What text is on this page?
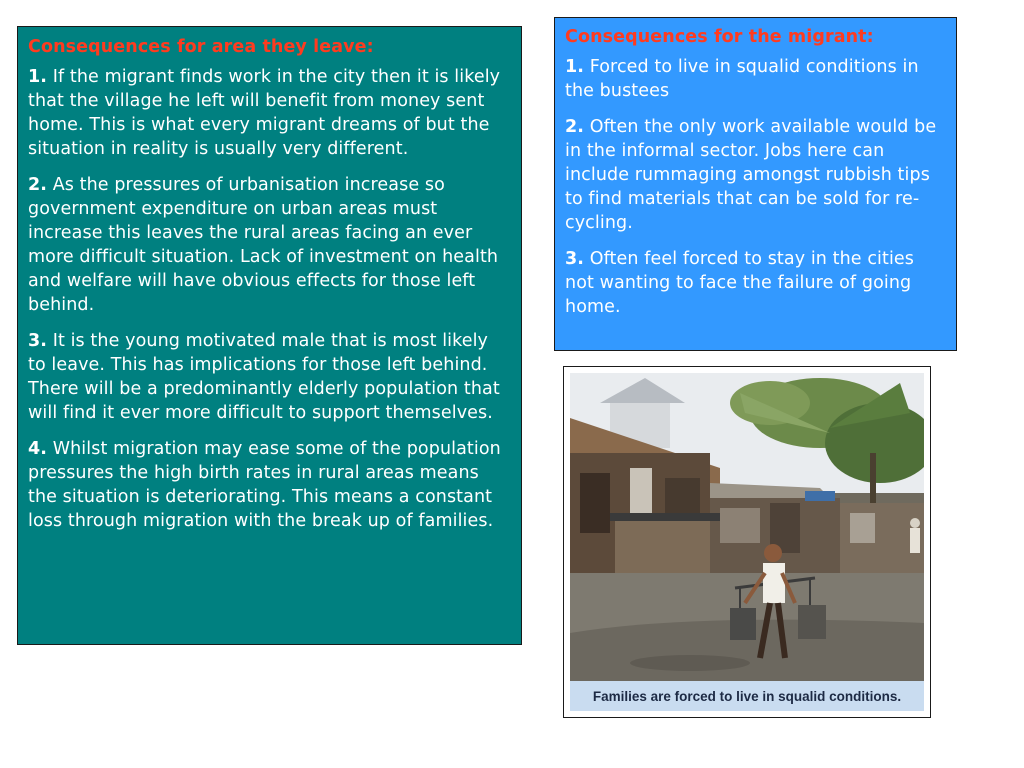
Consequences for area they leave:

1. If the migrant finds work in the city then it is likely that the village he left will benefit from money sent home. This is what every migrant dreams of but the situation in reality is usually very different.

2. As the pressures of urbanisation increase so government expenditure on urban areas must increase this leaves the rural areas facing an ever more difficult situation. Lack of investment on health and welfare will have obvious effects for those left behind.

3. It is the young motivated male that is most likely to leave. This has implications for those left behind. There will be a predominantly elderly population that will find it ever more difficult to support themselves.

4. Whilst migration may ease some of the population pressures the high birth rates in rural areas means the situation is deteriorating. This means a constant loss through migration with the break up of families.

Consequences for the migrant:

1. Forced to live in squalid conditions in the bustees

2. Often the only work available would be in the informal sector. Jobs here can include rummaging amongst rubbish tips to find materials that can be sold for re-cycling.

3. Often feel forced to stay in the cities not wanting to face the failure of going home.

Families are forced to live in squalid conditions.
